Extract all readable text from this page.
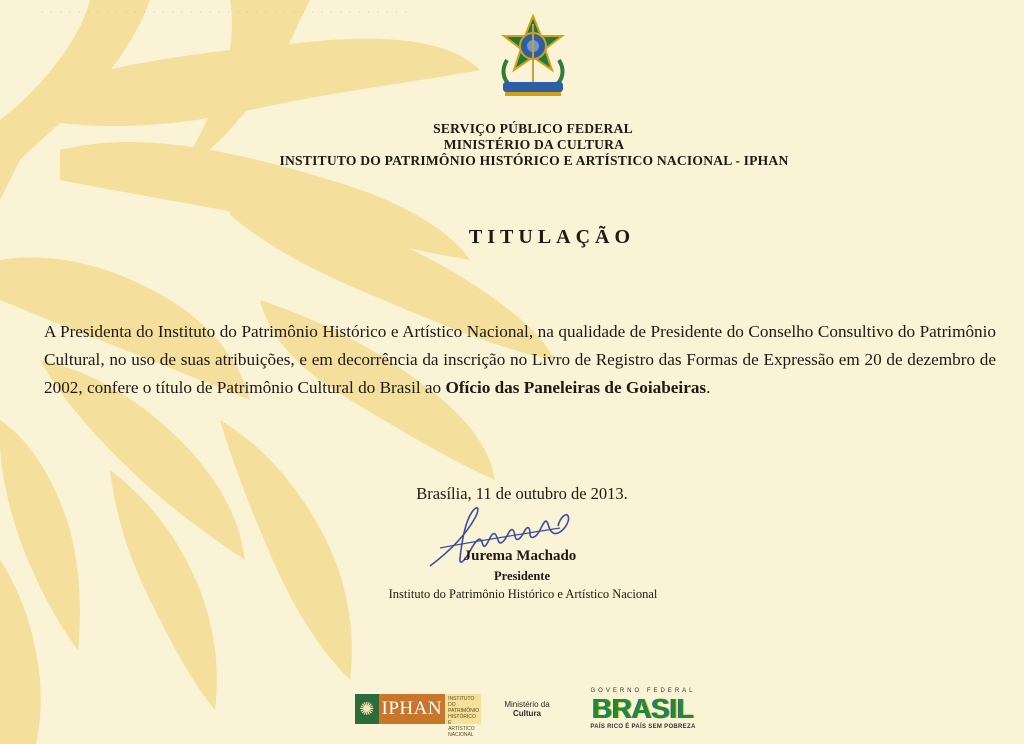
· · · · · · · · · · · · · · · · · · · · · · · · · · · · · · · · · · · · · · · ·
SERVIÇO PÚBLICO FEDERAL
MINISTÉRIO DA CULTURA
INSTITUTO DO PATRIMÔNIO HISTÓRICO E ARTÍSTICO NACIONAL - IPHAN
TITULAÇÃO
A Presidenta do Instituto do Patrimônio Histórico e Artístico Nacional, na qualidade de Presidente do Conselho Consultivo do Patrimônio Cultural, no uso de suas atribuições, e em decorrência da inscrição no Livro de Registro das Formas de Expressão em 20 de dezembro de 2002, confere o título de Patrimônio Cultural do Brasil ao Ofício das Paneleiras de Goiabeiras.
Brasília, 11 de outubro de 2013.
Jurema Machado
Presidente
Instituto do Patrimônio Histórico e Artístico Nacional
✺ IPHAN	INSTITUTO DO PATRIMÔNIO HISTÓRICO E ARTÍSTICO NACIONAL
Ministério da
Cultura
GOVERNO FEDERAL
BRASIL
PAÍS RICO É PAÍS SEM POBREZA
